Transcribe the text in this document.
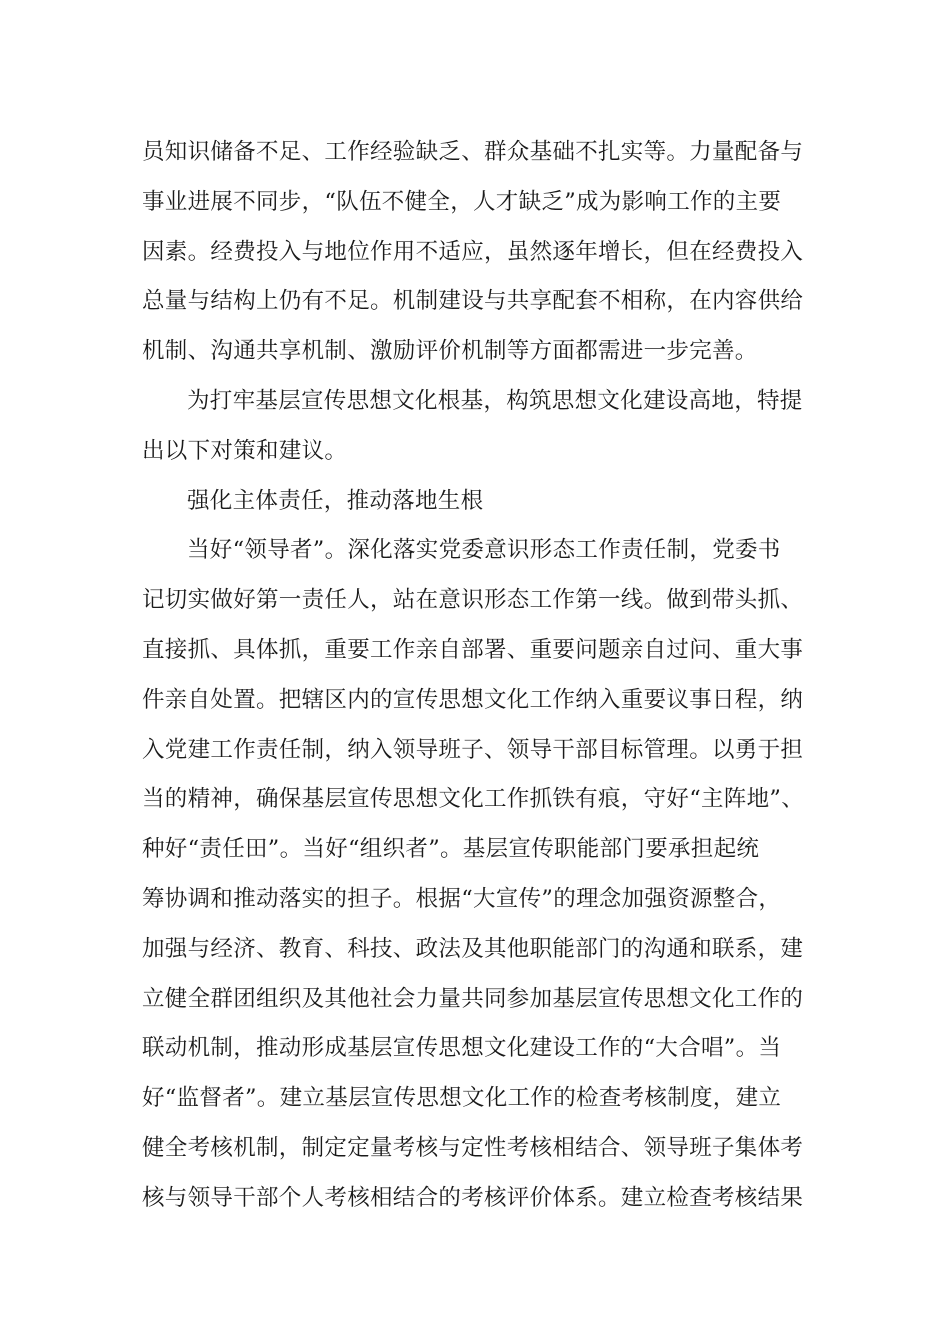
员知识储备不足、工作经验缺乏、群众基础不扎实等。力量配备与
事业进展不同步，“队伍不健全，人才缺乏”成为影响工作的主要
因素。经费投入与地位作用不适应，虽然逐年增长，但在经费投入
总量与结构上仍有不足。机制建设与共享配套不相称，在内容供给
机制、沟通共享机制、激励评价机制等方面都需进一步完善。

为打牢基层宣传思想文化根基，构筑思想文化建设高地，特提
出以下对策和建议。

强化主体责任，推动落地生根

当好“领导者”。深化落实党委意识形态工作责任制，党委书
记切实做好第一责任人，站在意识形态工作第一线。做到带头抓、
直接抓、具体抓，重要工作亲自部署、重要问题亲自过问、重大事
件亲自处置。把辖区内的宣传思想文化工作纳入重要议事日程，纳
入党建工作责任制，纳入领导班子、领导干部目标管理。以勇于担
当的精神，确保基层宣传思想文化工作抓铁有痕，守好“主阵地”、
种好“责任田”。当好“组织者”。基层宣传职能部门要承担起统
筹协调和推动落实的担子。根据“大宣传”的理念加强资源整合，
加强与经济、教育、科技、政法及其他职能部门的沟通和联系，建
立健全群团组织及其他社会力量共同参加基层宣传思想文化工作的
联动机制，推动形成基层宣传思想文化建设工作的“大合唱”。当
好“监督者”。建立基层宣传思想文化工作的检查考核制度，建立
健全考核机制，制定定量考核与定性考核相结合、领导班子集体考
核与领导干部个人考核相结合的考核评价体系。建立检查考核结果
